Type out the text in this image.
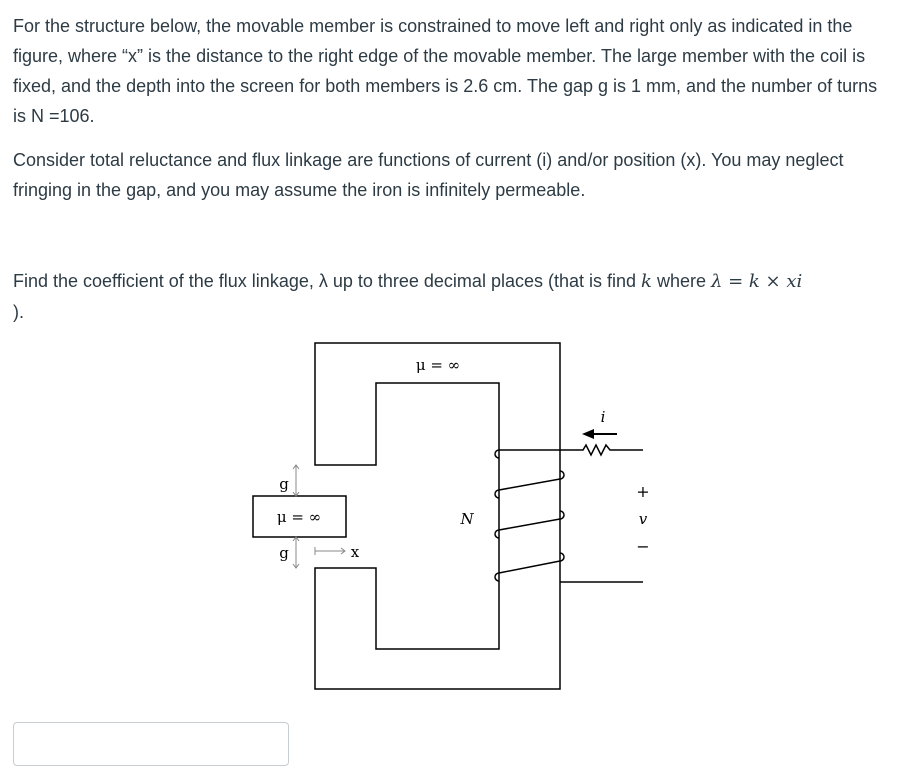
For the structure below, the movable member is constrained to move left and right only as indicated in the figure, where “x” is the distance to the right edge of the movable member. The large member with the coil is fixed, and the depth into the screen for both members is 2.6 cm. The gap g is 1 mm, and the number of turns is N =106.

Consider total reluctance and flux linkage are functions of current (i) and/or position (x). You may neglect fringing in the gap, and you may assume the iron is infinitely permeable.

Find the coefficient of the flux linkage, λ up to three decimal places (that is find k where λ = k × xi
).

μ = ∞
μ = ∞
g
g	x
N
i
+
v
−
